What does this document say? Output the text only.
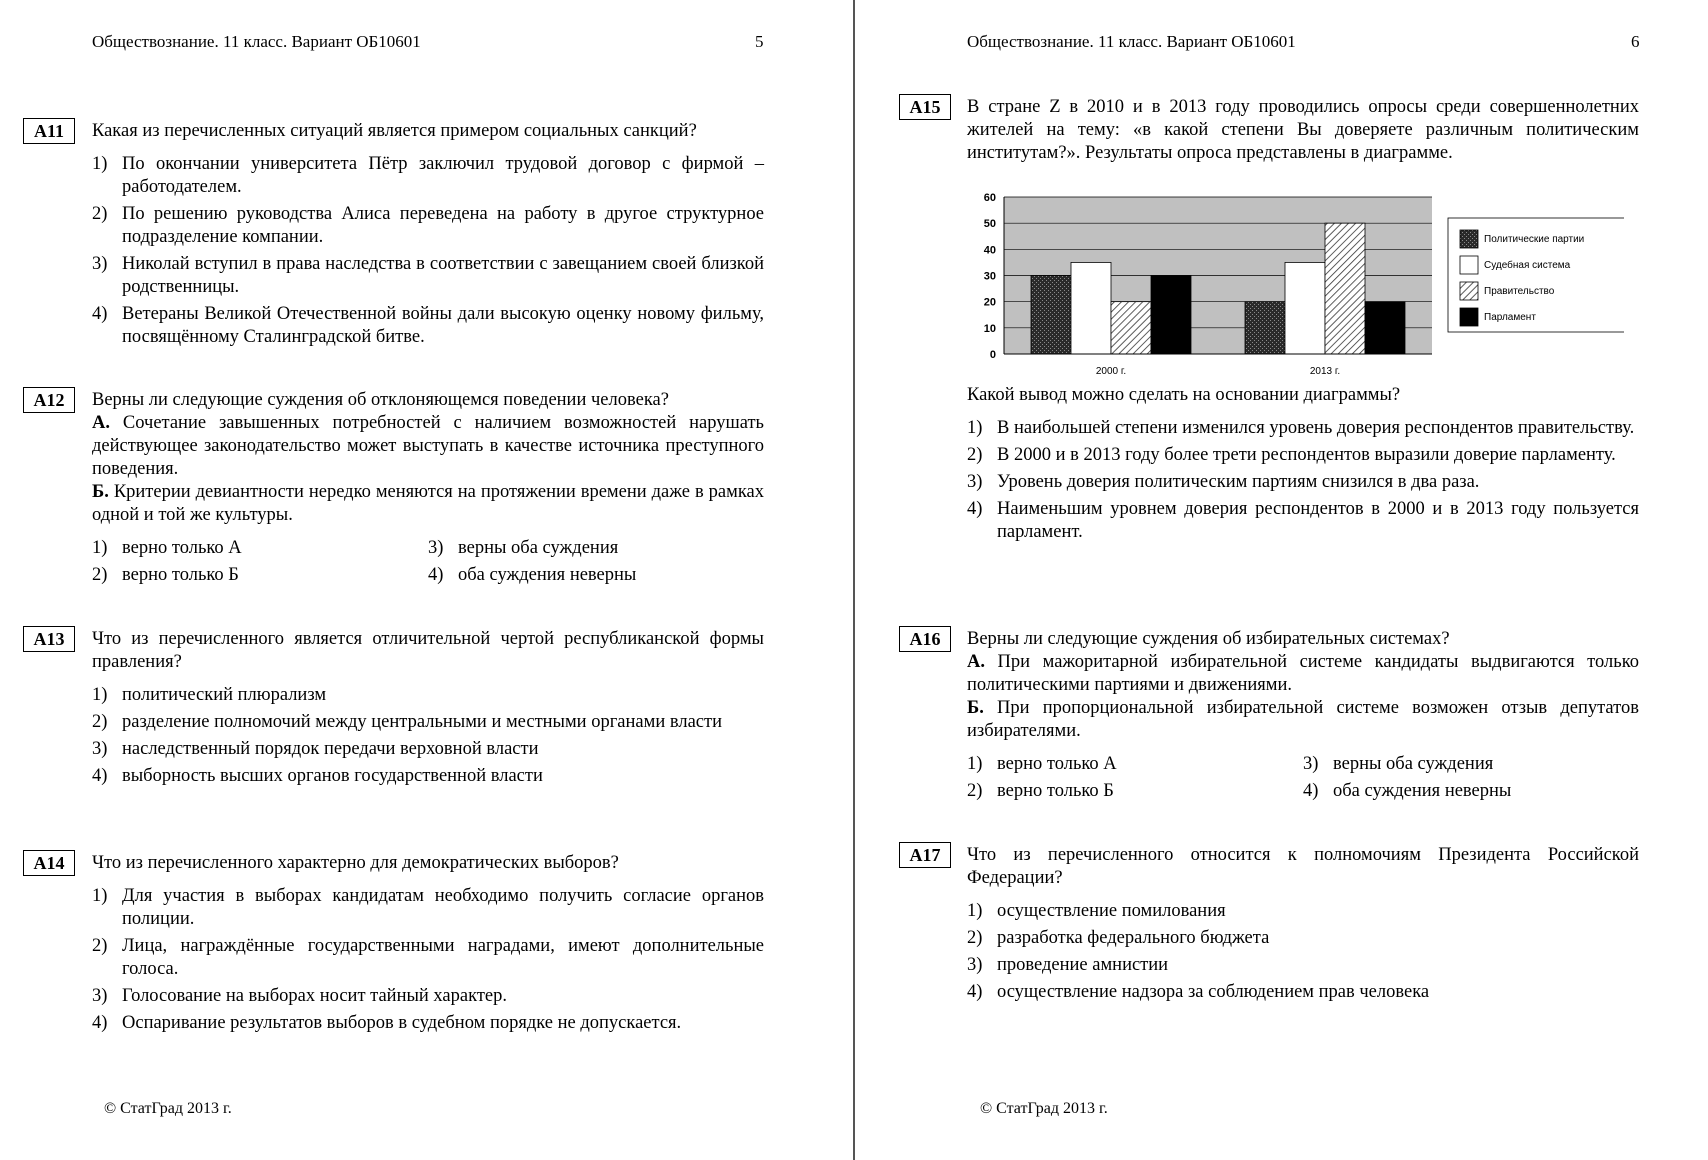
Обществознание. 11 класс. Вариант ОБ10601	5
A11	Какая из перечисленных ситуаций является примером социальных санкций?
1) По окончании университета Пётр заключил трудовой договор с фирмой – работодателем.
2) По решению руководства Алиса переведена на работу в другое структурное подразделение компании.
3) Николай вступил в права наследства в соответствии с завещанием своей близкой родственницы.
4) Ветераны Великой Отечественной войны дали высокую оценку новому фильму, посвящённому Сталинградской битве.
A12	Верны ли следующие суждения об отклоняющемся поведении человека?
А. Сочетание завышенных потребностей с наличием возможностей нарушать действующее законодательство может выступать в качестве источника преступного поведения.
Б. Критерии девиантности нередко меняются на протяжении времени даже в рамках одной и той же культуры.
1) верно только А	3) верны оба суждения
2) верно только Б	4) оба суждения неверны
A13	Что из перечисленного является отличительной чертой республиканской формы правления?
1) политический плюрализм
2) разделение полномочий между центральными и местными органами власти
3) наследственный порядок передачи верховной власти
4) выборность высших органов государственной власти
A14	Что из перечисленного характерно для демократических выборов?
1) Для участия в выборах кандидатам необходимо получить согласие органов полиции.
2) Лица, награждённые государственными наградами, имеют дополнительные голоса.
3) Голосование на выборах носит тайный характер.
4) Оспаривание результатов выборов в судебном порядке не допускается.
© СтатГрад 2013 г.
Обществознание. 11 класс. Вариант ОБ10601	6
A15	В стране Z в 2010 и в 2013 году проводились опросы среди совершеннолетних жителей на тему: «в какой степени Вы доверяете различным политическим институтам?». Результаты опроса представлены в диаграмме.
0
10
20
30
40
50
60
2000 г.	2013 г.
Политические партии
Судебная система
Правительство
Парламент
Какой вывод можно сделать на основании диаграммы?
1) В наибольшей степени изменился уровень доверия респондентов правительству.
2) В 2000 и в 2013 году более трети респондентов выразили доверие парламенту.
3) Уровень доверия политическим партиям снизился в два раза.
4) Наименьшим уровнем доверия респондентов в 2000 и в 2013 году пользуется парламент.
A16	Верны ли следующие суждения об избирательных системах?
А. При мажоритарной избирательной системе кандидаты выдвигаются только политическими партиями и движениями.
Б. При пропорциональной избирательной системе возможен отзыв депутатов избирателями.
1) верно только А	3) верны оба суждения
2) верно только Б	4) оба суждения неверны
A17	Что из перечисленного относится к полномочиям Президента Российской Федерации?
1) осуществление помилования
2) разработка федерального бюджета
3) проведение амнистии
4) осуществление надзора за соблюдением прав человека
© СтатГрад 2013 г.
